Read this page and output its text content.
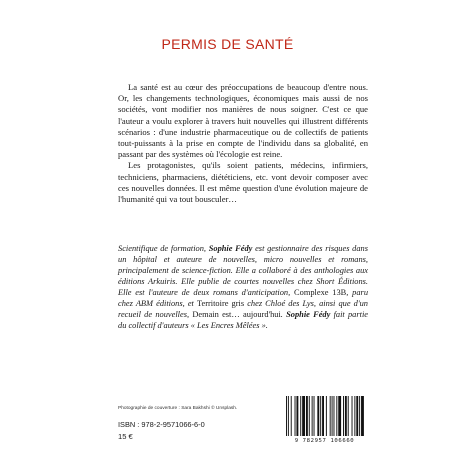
PERMIS DE SANTÉ

La santé est au cœur des préoccupations de beaucoup d'entre nous. Or, les changements technologiques, économiques mais aussi de nos sociétés, vont modifier nos manières de nous soigner. C'est ce que l'auteur a voulu explorer à travers huit nouvelles qui illustrent différents scénarios : d'une industrie pharmaceutique ou de collectifs de patients tout-puissants à la prise en compte de l'individu dans sa globalité, en passant par des systèmes où l'écologie est reine.

Les protagonistes, qu'ils soient patients, médecins, infirmiers, techniciens, pharmaciens, diététiciens, etc. vont devoir composer avec ces nouvelles données. Il est même question d'une évolution majeure de l'humanité qui va tout bousculer…

Scientifique de formation, Sophie Fédy est gestionnaire des risques dans un hôpital et auteure de nouvelles, micro nouvelles et romans, principalement de science-fiction. Elle a collaboré à des anthologies aux éditions Arkuiris. Elle publie de courtes nouvelles chez Short Éditions. Elle est l'auteure de deux romans d'anticipation, Complexe 13B, paru chez ABM éditions, et Territoire gris chez Chloé des Lys, ainsi que d'un recueil de nouvelles, Demain est… aujourd'hui. Sophie Fédy fait partie du collectif d'auteurs « Les Encres Mêlées ».

Photographie de couverture : Sara Bakhshi © Unsplash.
ISBN : 978-2-9571066-6-0
15 €	9 782957 106660
